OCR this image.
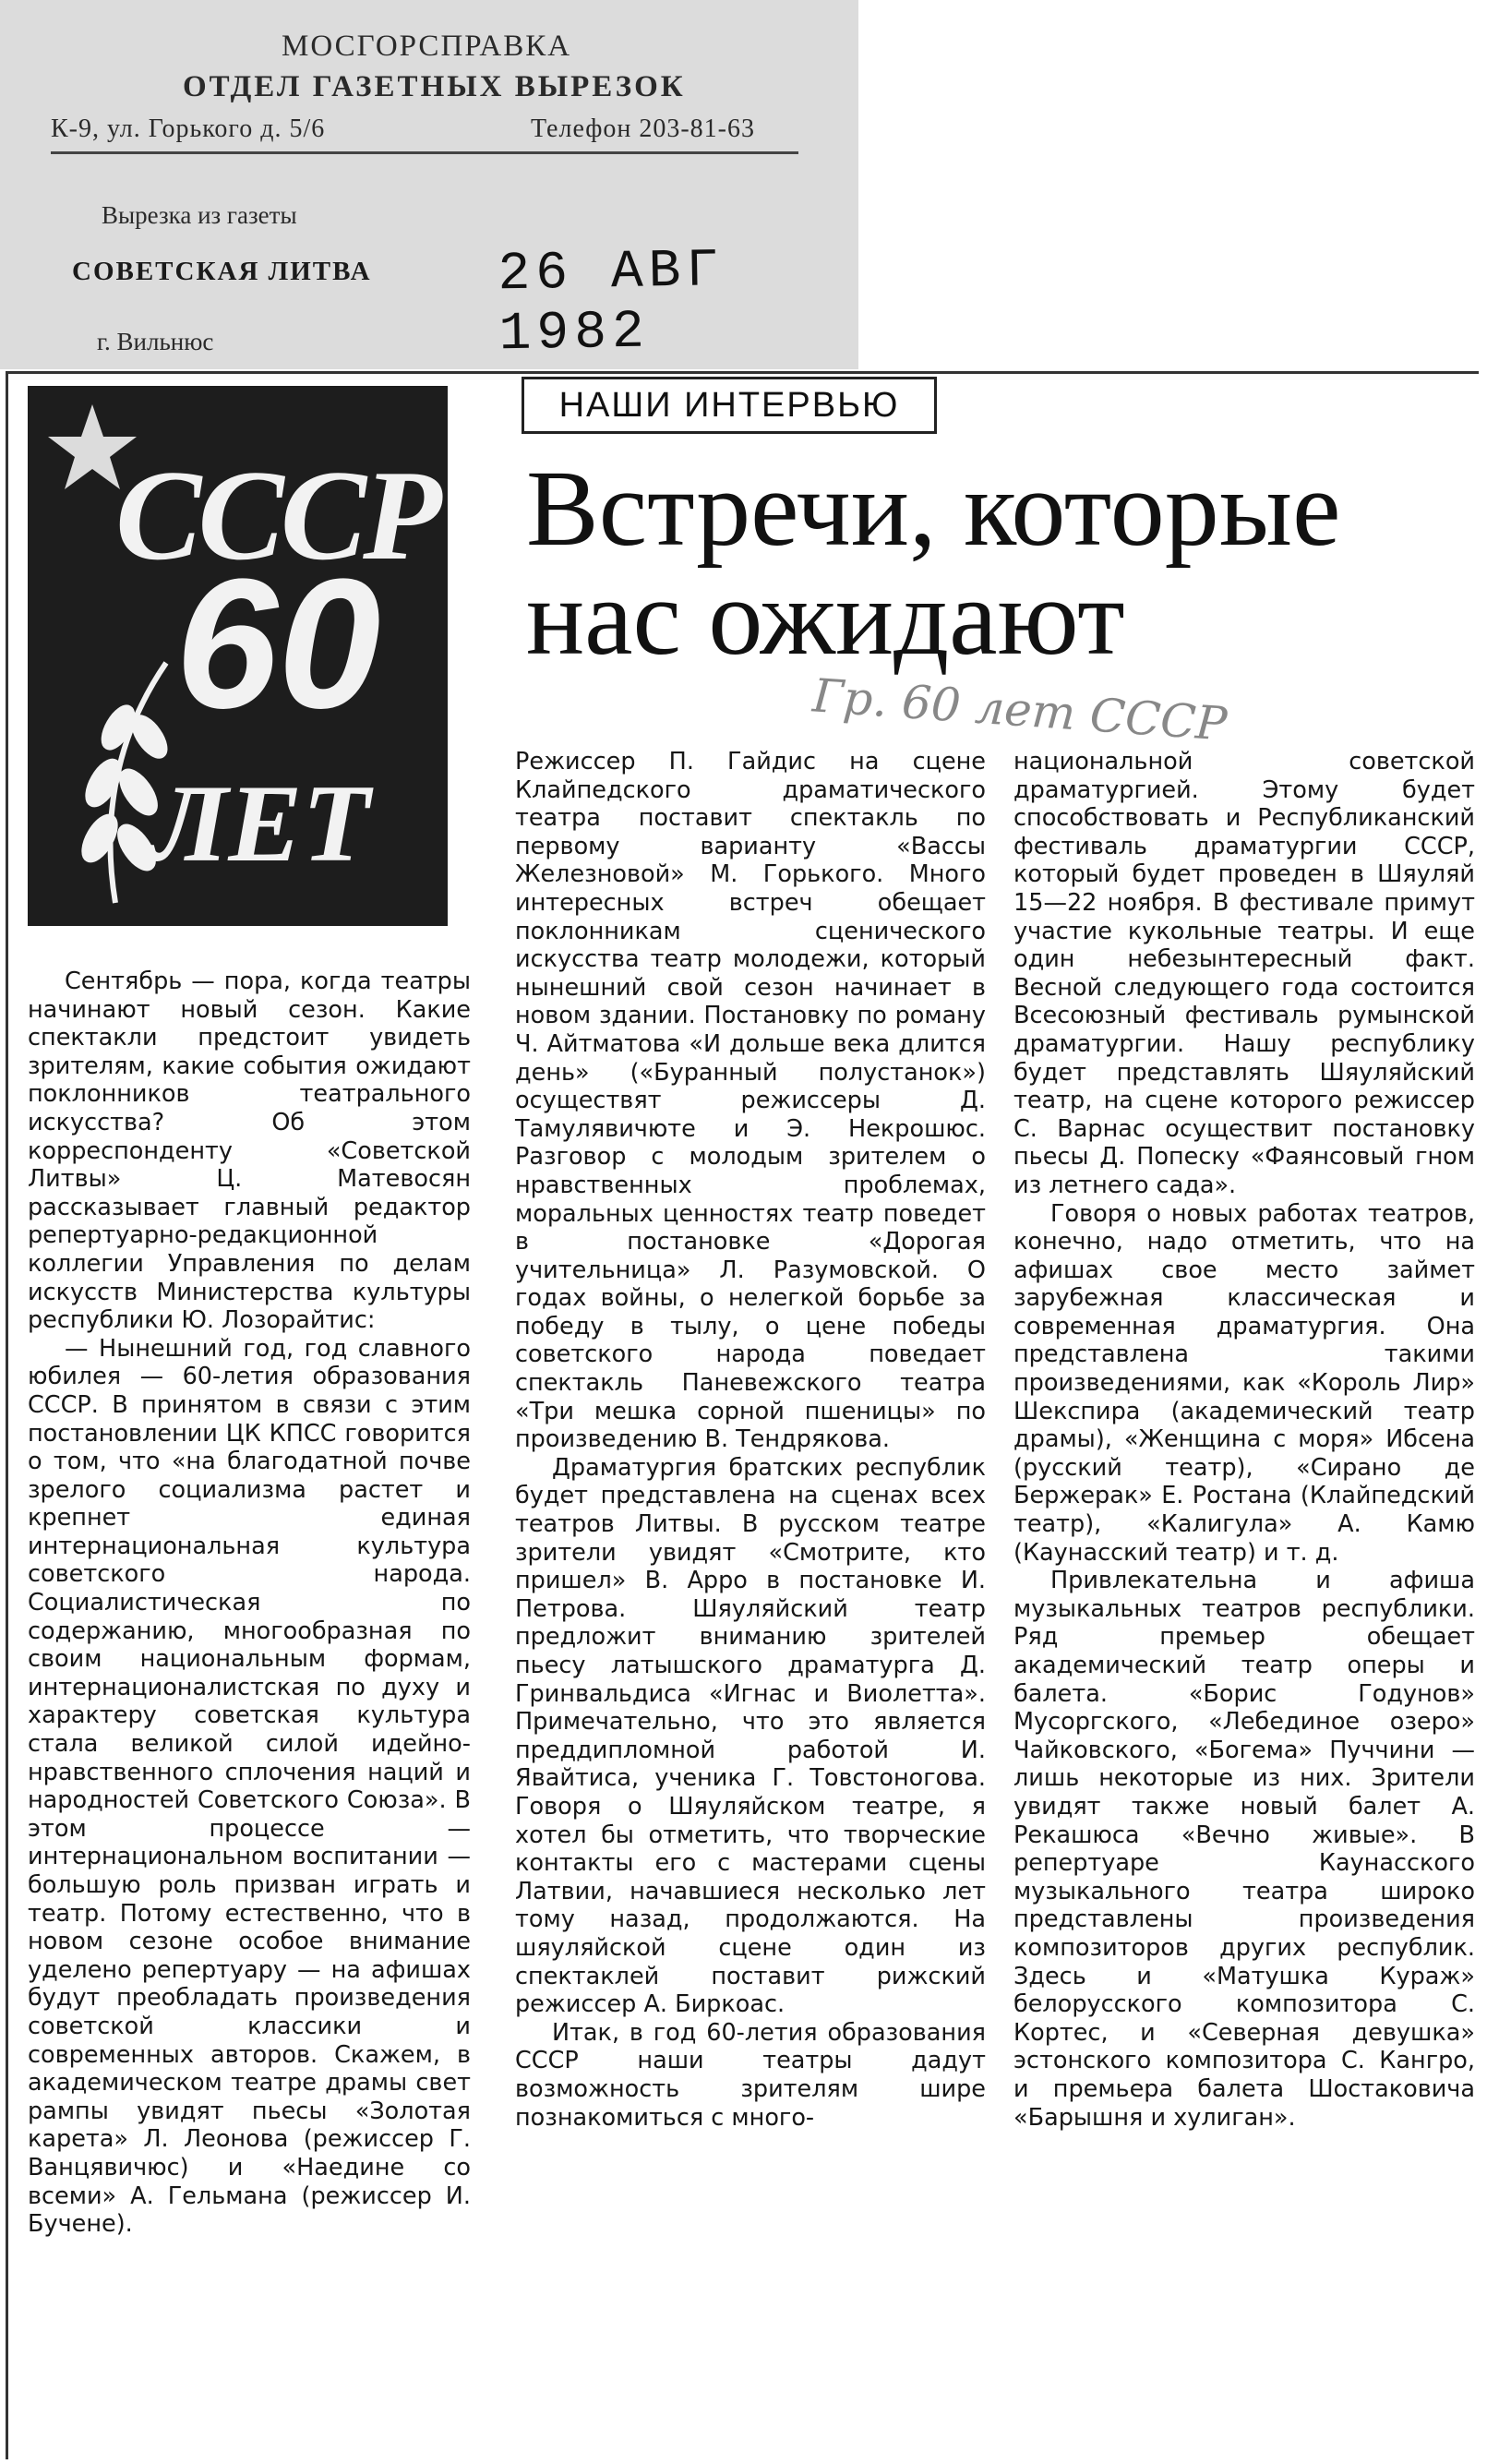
МОСГОРСПРАВКА
ОТДЕЛ ГАЗЕТНЫХ ВЫРЕЗОК
К-9, ул. Горького д. 5/6	Телефон 203-81-63
Вырезка из газеты
СОВЕТСКАЯ ЛИТВА 26 АВГ 1982
г. Вильнюс
СССР
60
ЛЕТ
НАШИ ИНТЕРВЬЮ
Встречи, которые
нас ожидают
Гр. 60 лет СССР

Сентябрь — пора, когда театры начинают новый сезон. Какие спектакли предстоит увидеть зрителям, какие события ожидают поклонников театрального искусства? Об этом корреспонденту «Советской Литвы» Ц. Матевосян рассказывает главный редактор репертуарно-редакционной коллегии Управления по делам искусств Министерства культуры республики Ю. Лозорайтис:

— Нынешний год, год славного юбилея — 60-летия образования СССР. В принятом в связи с этим постановлении ЦК КПСС говорится о том, что «на благодатной почве зрелого социализма растет и крепнет единая интернациональная культура советского народа. Социалистическая по содержанию, многообразная по своим национальным формам, интернационалистская по духу и характеру советская культура стала великой силой идейно-нравственного сплочения наций и народностей Советского Союза». В этом процессе — интернациональном воспитании — большую роль призван играть и театр. Потому естественно, что в новом сезоне особое внимание уделено репертуару — на афишах будут преобладать произведения советской классики и современных авторов. Скажем, в академическом театре драмы свет рампы увидят пьесы «Золотая карета» Л. Леонова (режиссер Г. Ванцявичюс) и «Наедине со всеми» А. Гельмана (режиссер И. Бучене).

Режиссер П. Гайдис на сцене Клайпедского драматического театра поставит спектакль по первому варианту «Вассы Железновой» М. Горького. Много интересных встреч обещает поклонникам сценического искусства театр молодежи, который нынешний свой сезон начинает в новом здании. Постановку по роману Ч. Айтматова «И дольше века длится день» («Буранный полустанок») осуществят режиссеры Д. Тамулявичюте и Э. Некрошюс. Разговор с молодым зрителем о нравственных проблемах, моральных ценностях театр поведет в постановке «Дорогая учительница» Л. Разумовской. О годах войны, о нелегкой борьбе за победу в тылу, о цене победы советского народа поведает спектакль Паневежского театра «Три мешка сорной пшеницы» по произведению В. Тендрякова.

Драматургия братских республик будет представлена на сценах всех театров Литвы. В русском театре зрители увидят «Смотрите, кто пришел» В. Арро в постановке И. Петрова. Шяуляйский театр предложит вниманию зрителей пьесу латышского драматурга Д. Гринвальдиса «Игнас и Виолетта». Примечательно, что это является преддипломной работой И. Явайтиса, ученика Г. Товстоногова. Говоря о Шяуляйском театре, я хотел бы отметить, что творческие контакты его с мастерами сцены Латвии, начавшиеся несколько лет тому назад, продолжаются. На шяуляйской сцене один из спектаклей поставит рижский режиссер А. Биркоас.

Итак, в год 60-летия образования СССР наши театры дадут возможность зрителям шире познакомиться с много-

национальной советской драматургией. Этому будет способствовать и Республиканский фестиваль драматургии СССР, который будет проведен в Шяуляй 15—22 ноября. В фестивале примут участие кукольные театры. И еще один небезынтересный факт. Весной следующего года состоится Всесоюзный фестиваль румынской драматургии. Нашу республику будет представлять Шяуляйский театр, на сцене которого режиссер С. Варнас осуществит постановку пьесы Д. Попеску «Фаянсовый гном из летнего сада».

Говоря о новых работах театров, конечно, надо отметить, что на афишах свое место займет зарубежная классическая и современная драматургия. Она представлена такими произведениями, как «Король Лир» Шекспира (академический театр драмы), «Женщина с моря» Ибсена (русский театр), «Сирано де Бержерак» Е. Ростана (Клайпедский театр), «Калигула» А. Камю (Каунасский театр) и т. д.

Привлекательна и афиша музыкальных театров республики. Ряд премьер обещает академический театр оперы и балета. «Борис Годунов» Мусоргского, «Лебединое озеро» Чайковского, «Богема» Пуччини — лишь некоторые из них. Зрители увидят также новый балет А. Рекашюса «Вечно живые». В репертуаре Каунасского музыкального театра широко представлены произведения композиторов других республик. Здесь и «Матушка Кураж» белорусского композитора С. Кортес, и «Северная девушка» эстонского композитора С. Кангро, и премьера балета Шостаковича «Барышня и хулиган».
